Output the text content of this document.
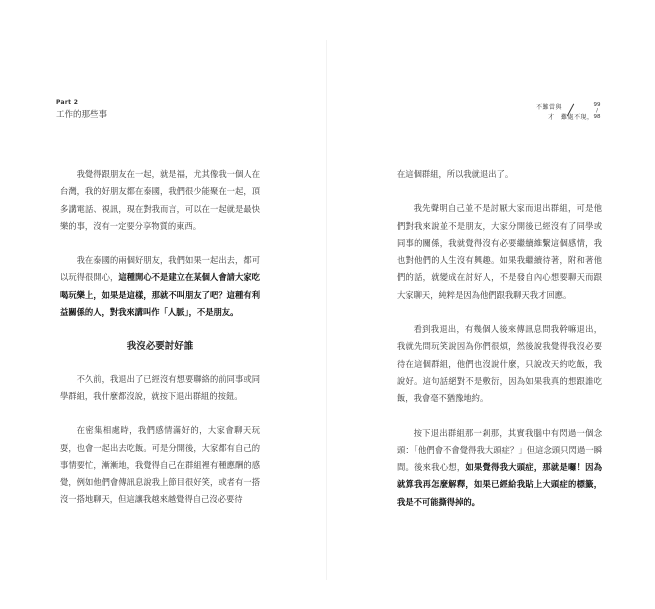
Part 2
工作的那些事
不難當與
才　難處不現，
99 / 98

我覺得跟朋友在一起，就是福，尤其像我一個人在台灣，我的好朋友都在泰國，我們很少能聚在一起，頂多講電話、視訊，現在對我而言，可以在一起就是最快樂的事，沒有一定要分享物質的東西。

我在泰國的兩個好朋友，我們如果一起出去，都可以玩得很開心，這種開心不是建立在某個人會請大家吃喝玩樂上，如果是這樣，那就不叫朋友了吧？這種有利益關係的人，對我來講叫作「人脈」，不是朋友。

我沒必要討好誰

不久前，我退出了已經沒有想要聯絡的前同事或同學群組，我什麼都沒說，就按下退出群組的按鈕。

在密集相處時，我們感情滿好的，大家會聊天玩耍，也會一起出去吃飯。可是分開後，大家都有自己的事情要忙，漸漸地，我覺得自己在群組裡有種應酬的感覺，例如他們會傳訊息說我上節目很好笑，或者有一搭沒一搭地聊天，但這讓我越來越覺得自己沒必要待

在這個群組，所以我就退出了。

我先聲明自己並不是討厭大家而退出群組，可是他們對我來說並不是朋友，大家分開後已經沒有了同學或同事的關係，我就覺得沒有必要繼續維繫這個感情，我也對他們的人生沒有興趣。如果我繼續待著，附和著他們的話，就變成在討好人，不是發自內心想要聊天而跟大家聊天，純粹是因為他們跟我聊天我才回應。

看到我退出，有幾個人後來傳訊息問我幹嘛退出，我就先問玩笑說因為你們很煩，然後說我覺得我沒必要待在這個群組，他們也沒說什麼，只說改天約吃飯，我說好。這句話絕對不是敷衍，因為如果我真的想跟誰吃飯，我會毫不猶豫地約。

按下退出群組那一剎那，其實我腦中有閃過一個念頭：「他們會不會覺得我大頭症？」但這念頭只閃過一瞬間。後來我心想，如果覺得我大頭症，那就是囉！因為就算我再怎麼解釋，如果已經給我貼上大頭症的標籤，我是不可能撕得掉的。
